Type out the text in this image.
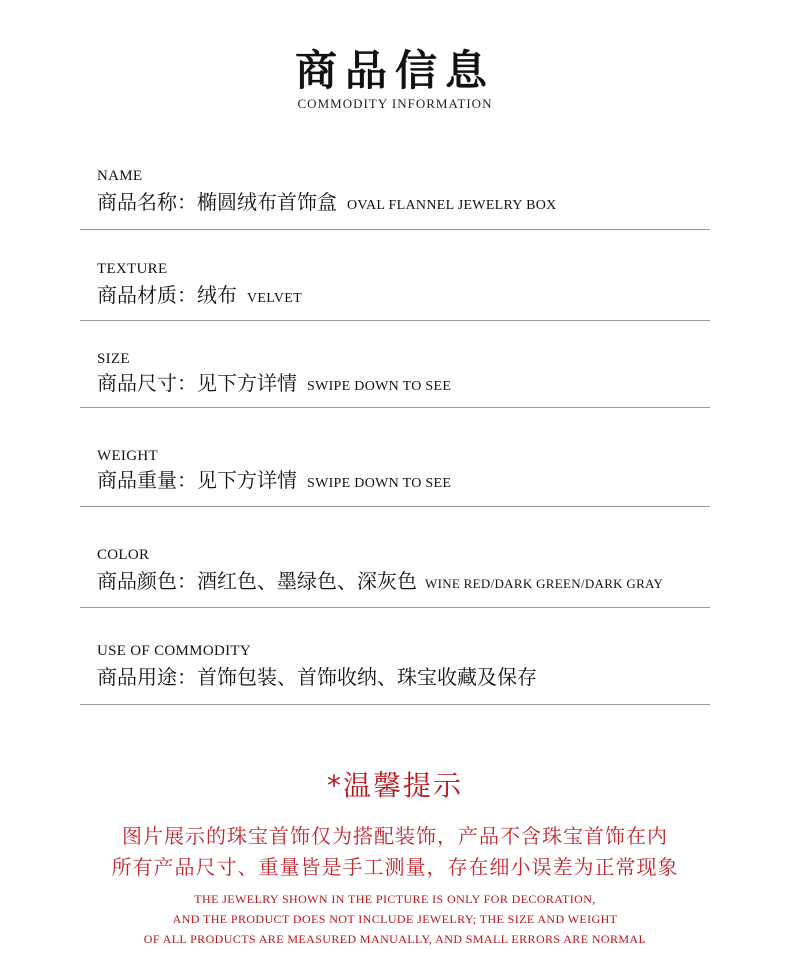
商品信息
COMMODITY INFORMATION
NAME
商品名称：椭圆绒布首饰盒 OVAL FLANNEL JEWELRY BOX
TEXTURE
商品材质：绒布 VELVET
SIZE
商品尺寸：见下方详情 SWIPE DOWN TO SEE
WEIGHT
商品重量：见下方详情 SWIPE DOWN TO SEE
COLOR
商品颜色：酒红色、墨绿色、深灰色 WINE RED/DARK GREEN/DARK GRAY
USE OF COMMODITY
商品用途：首饰包装、首饰收纳、珠宝收藏及保存
*温馨提示
图片展示的珠宝首饰仅为搭配装饰，产品不含珠宝首饰在内
所有产品尺寸、重量皆是手工测量，存在细小误差为正常现象
THE JEWELRY SHOWN IN THE PICTURE IS ONLY FOR DECORATION,
AND THE PRODUCT DOES NOT INCLUDE JEWELRY; THE SIZE AND WEIGHT
OF ALL PRODUCTS ARE MEASURED MANUALLY, AND SMALL ERRORS ARE NORMAL
